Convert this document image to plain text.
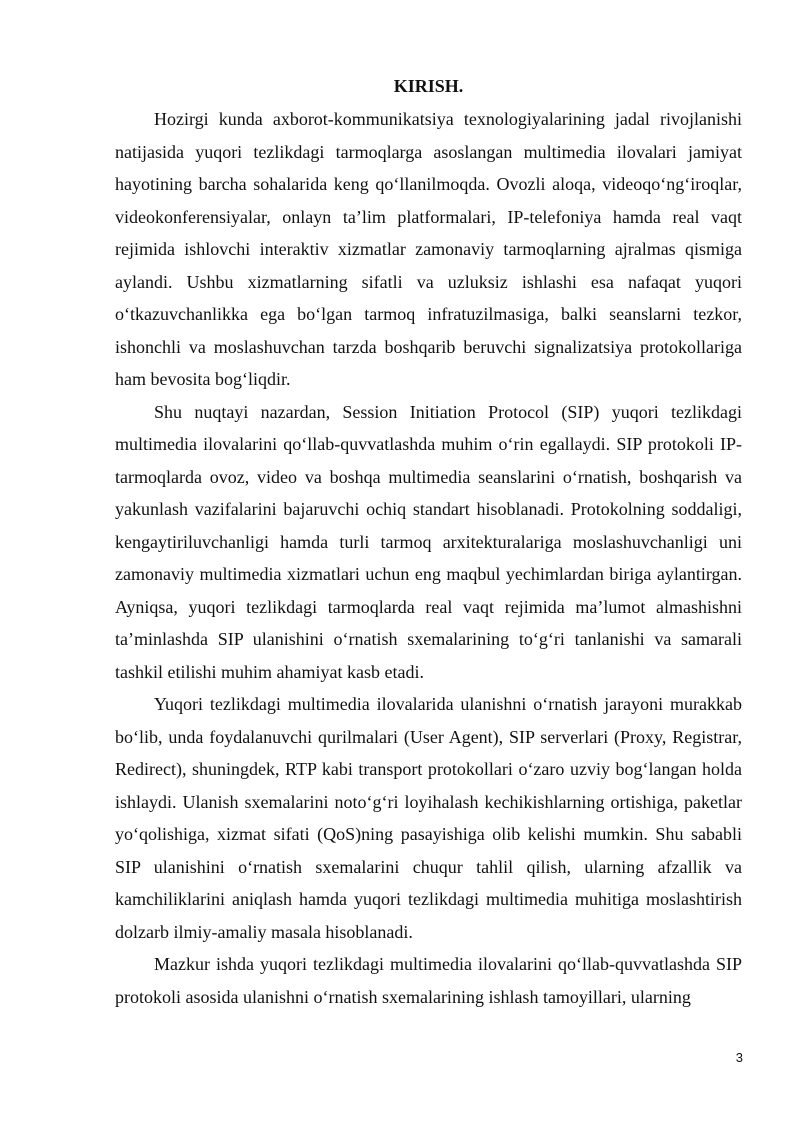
KIRISH.

Hozirgi kunda axborot-kommunikatsiya texnologiyalarining jadal rivojlanishi natijasida yuqori tezlikdagi tarmoqlarga asoslangan multimedia ilovalari jamiyat hayotining barcha sohalarida keng qo‘llanilmoqda. Ovozli aloqa, videoqo‘ng‘iroqlar, videokonferensiyalar, onlayn ta’lim platformalari, IP-telefoniya hamda real vaqt rejimida ishlovchi interaktiv xizmatlar zamonaviy tarmoqlarning ajralmas qismiga aylandi. Ushbu xizmatlarning sifatli va uzluksiz ishlashi esa nafaqat yuqori o‘tkazuvchanlikka ega bo‘lgan tarmoq infratuzilmasiga, balki seanslarni tezkor, ishonchli va moslashuvchan tarzda boshqarib beruvchi signalizatsiya protokollariga ham bevosita bog‘liqdir.

Shu nuqtayi nazardan, Session Initiation Protocol (SIP) yuqori tezlikdagi multimedia ilovalarini qo‘llab-quvvatlashda muhim o‘rin egallaydi. SIP protokoli IP-tarmoqlarda ovoz, video va boshqa multimedia seanslarini o‘rnatish, boshqarish va yakunlash vazifalarini bajaruvchi ochiq standart hisoblanadi. Protokolning soddaligi, kengaytiriluvchanligi hamda turli tarmoq arxitekturalariga moslashuvchanligi uni zamonaviy multimedia xizmatlari uchun eng maqbul yechimlardan biriga aylantirgan. Ayniqsa, yuqori tezlikdagi tarmoqlarda real vaqt rejimida ma’lumot almashishni ta’minlashda SIP ulanishini o‘rnatish sxemalarining to‘g‘ri tanlanishi va samarali tashkil etilishi muhim ahamiyat kasb etadi.

Yuqori tezlikdagi multimedia ilovalarida ulanishni o‘rnatish jarayoni murakkab bo‘lib, unda foydalanuvchi qurilmalari (User Agent), SIP serverlari (Proxy, Registrar, Redirect), shuningdek, RTP kabi transport protokollari o‘zaro uzviy bog‘langan holda ishlaydi. Ulanish sxemalarini noto‘g‘ri loyihalash kechikishlarning ortishiga, paketlar yo‘qolishiga, xizmat sifati (QoS)ning pasayishiga olib kelishi mumkin. Shu sababli SIP ulanishini o‘rnatish sxemalarini chuqur tahlil qilish, ularning afzallik va kamchiliklarini aniqlash hamda yuqori tezlikdagi multimedia muhitiga moslashtirish dolzarb ilmiy-amaliy masala hisoblanadi.

Mazkur ishda yuqori tezlikdagi multimedia ilovalarini qo‘llab-quvvatlashda SIP protokoli asosida ulanishni o‘rnatish sxemalarining ishlash tamoyillari, ularning

3
